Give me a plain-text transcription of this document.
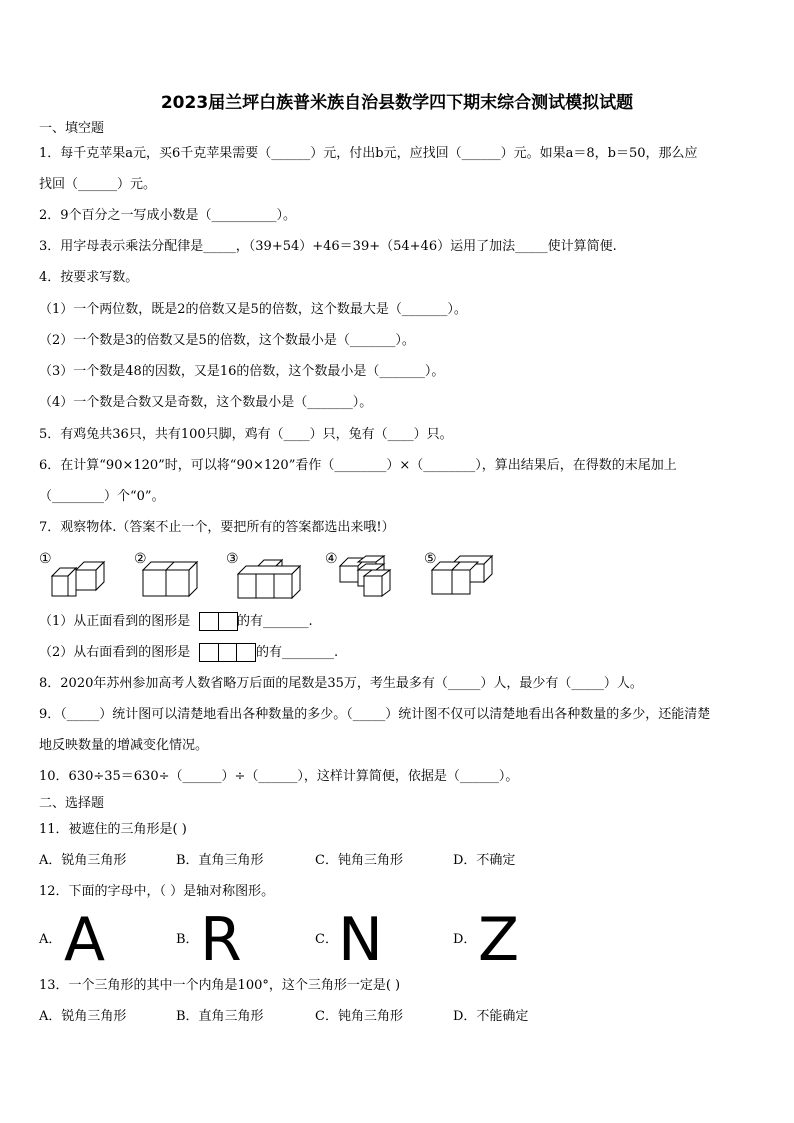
2023届兰坪白族普米族自治县数学四下期末综合测试模拟试题
一、填空题
1．每千克苹果a元，买6千克苹果需要（______）元，付出b元，应找回（______）元。如果a＝8，b＝50，那么应
找回（______）元。
2．9个百分之一写成小数是（__________）。
3．用字母表示乘法分配律是_____，（39+54）+46＝39+（54+46）运用了加法_____使计算简便.
4．按要求写数。
（1）一个两位数，既是2的倍数又是5的倍数，这个数最大是（_______）。
（2）一个数是3的倍数又是5的倍数，这个数最小是（_______）。
（3）一个数是48的因数，又是16的倍数，这个数最小是（_______）。
（4）一个数是合数又是奇数，这个数最小是（_______）。
5．有鸡兔共36只，共有100只脚，鸡有（____）只，兔有（____）只。
6．在计算“90×120”时，可以将“90×120”看作（________）×（________），算出结果后，在得数的末尾加上
（________）个“0”。
7．观察物体.（答案不止一个，要把所有的答案都选出来哦!）
①	②	③	④	⑤
（1）从正面看到的图形是	的有_______.
（2）从右面看到的图形是	的有________.
8．2020年苏州参加高考人数省略万后面的尾数是35万，考生最多有（_____）人，最少有（_____）人。
9．（_____）统计图可以清楚地看出各种数量的多少。（_____）统计图不仅可以清楚地看出各种数量的多少，还能清楚
地反映数量的增减变化情况。
10．630÷35＝630÷（______）÷（______），这样计算简便，依据是（______）。
二、选择题
11．被遮住的三角形是( )
A．锐角三角形	B．直角三角形	C．钝角三角形	D．不确定
12．下面的字母中，（ ）是轴对称图形。
A． A	B． R	C． N	D． Z
13．一个三角形的其中一个内角是100°，这个三角形一定是( )
A．锐角三角形	B．直角三角形	C．钝角三角形	D．不能确定
